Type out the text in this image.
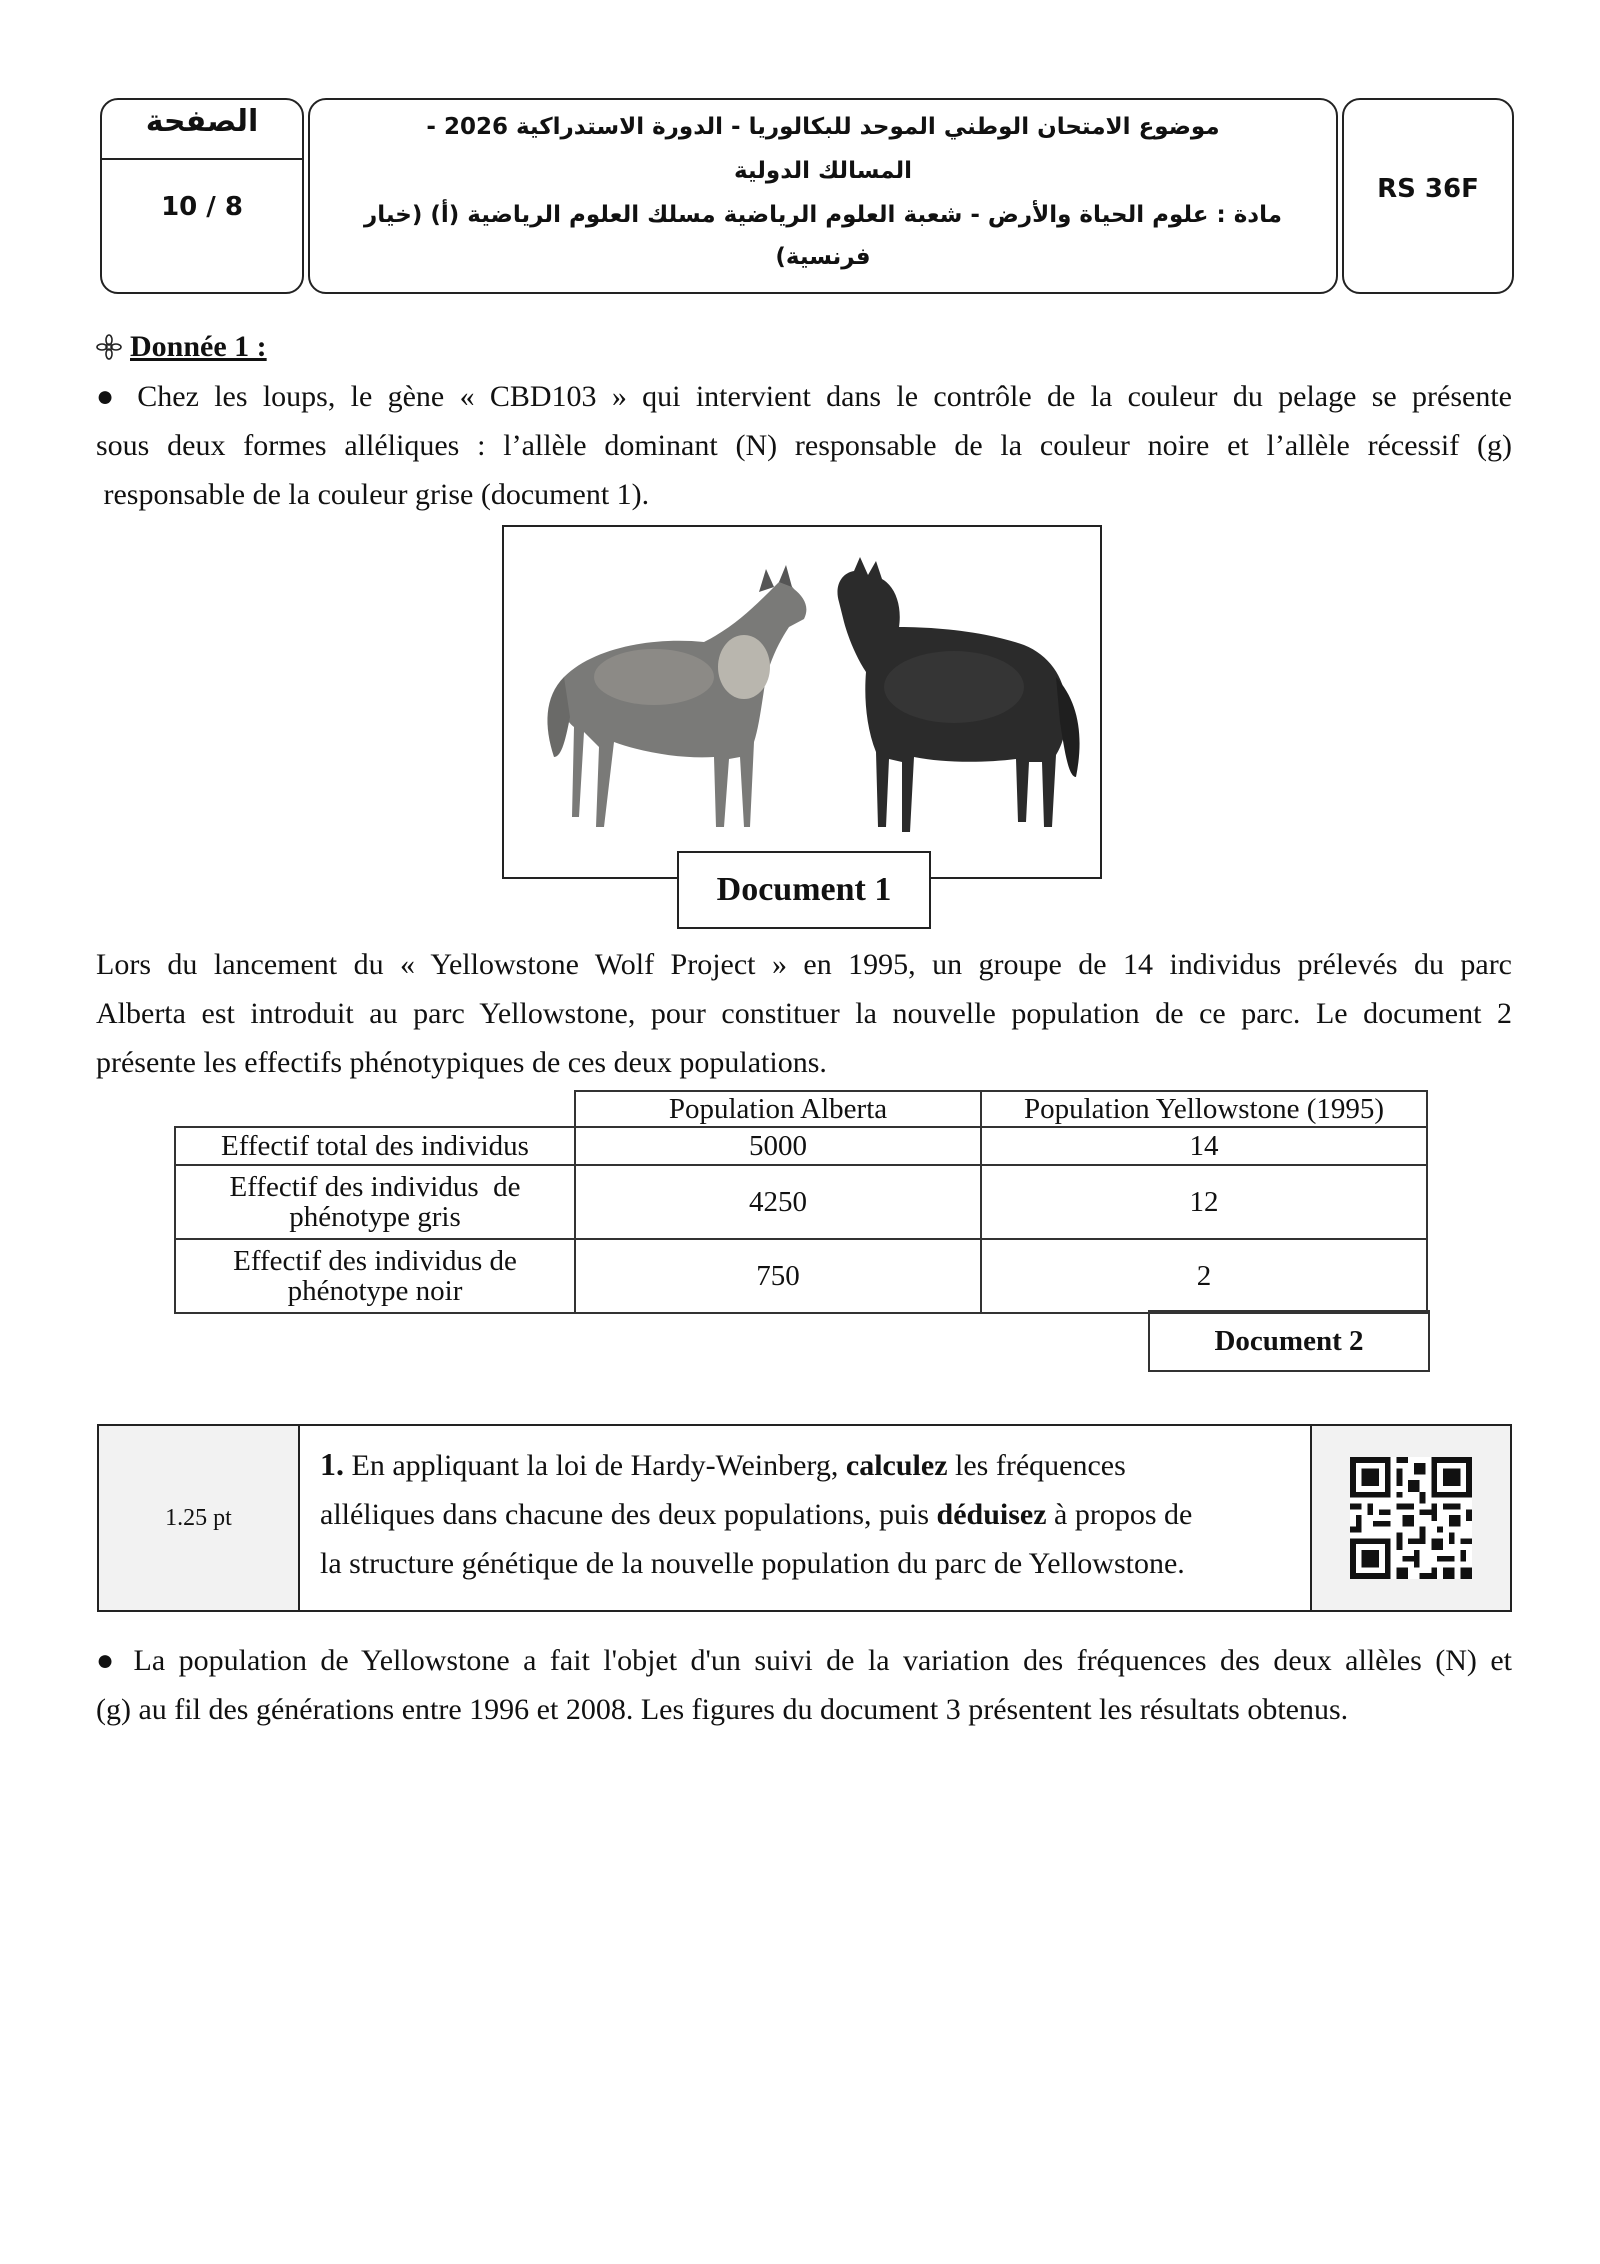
الصفحة
10 / 8
موضوع الامتحان الوطني الموحد للبكالوريا - الدورة الاستدراكية 2026 -
المسالك الدولية
مادة : علوم الحياة والأرض - شعبة العلوم الرياضية مسلك العلوم الرياضية (أ) (خيار
فرنسية)
RS 36F
Donnée 1 :
● Chez les loups, le gène « CBD103 » qui intervient dans le contrôle de la couleur du pelage se présente
sous deux formes alléliques : l’allèle dominant (N) responsable de la couleur noire et l’allèle récessif (g)
responsable de la couleur grise (document 1).
Document 1
Lors du lancement du « Yellowstone Wolf Project » en 1995, un groupe de 14 individus prélevés du parc
Alberta est introduit au parc Yellowstone, pour constituer la nouvelle population de ce parc. Le document 2
présente les effectifs phénotypiques de ces deux populations.
	Population Alberta	Population Yellowstone (1995)
Effectif total des individus	5000	14

Effectif des individus  de
phénotype gris	4250	12

Effectif des individus de
phénotype noir	750	2
Document 2
1.25 pt
1. En appliquant la loi de Hardy-Weinberg, calculez les fréquences
alléliques dans chacune des deux populations, puis déduisez à propos de
la structure génétique de la nouvelle population du parc de Yellowstone.
● La population de Yellowstone a fait l'objet d'un suivi de la variation des fréquences des deux allèles (N) et
(g) au fil des générations entre 1996 et 2008. Les figures du document 3 présentent les résultats obtenus.
